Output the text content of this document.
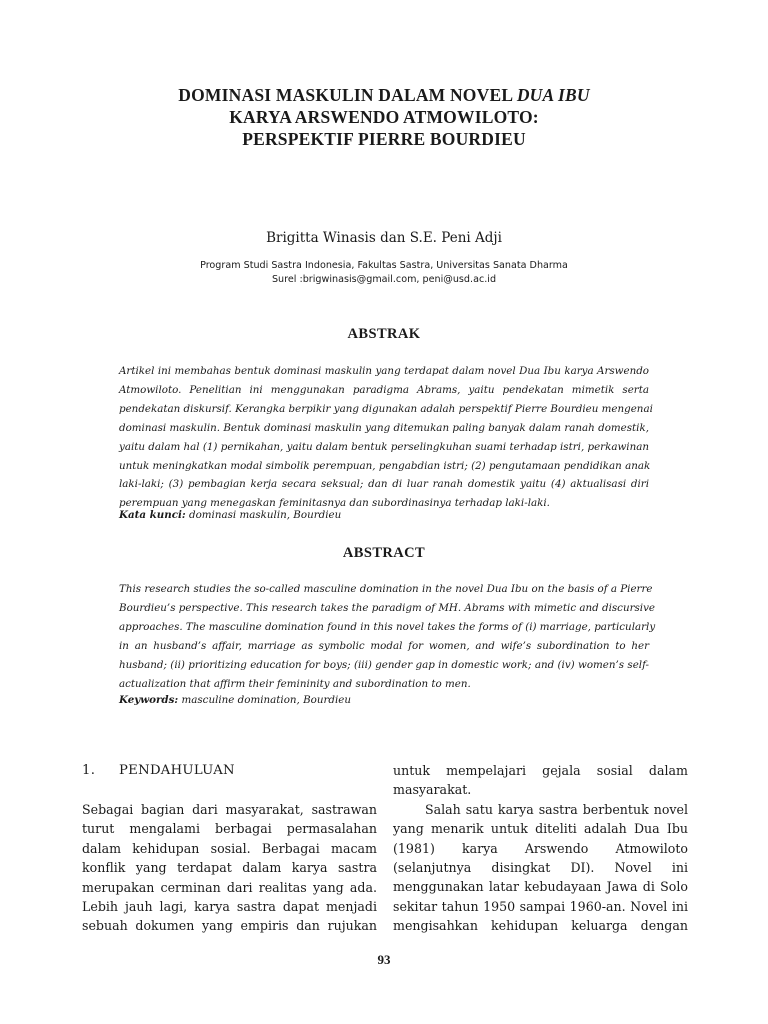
DOMINASI MASKULIN DALAM NOVEL DUA IBU
KARYA ARSWENDO ATMOWILOTO:
PERSPEKTIF PIERRE BOURDIEU
Brigitta Winasis dan S.E. Peni Adji
Program Studi Sastra Indonesia, Fakultas Sastra, Universitas Sanata Dharma
Surel :brigwinasis@gmail.com, peni@usd.ac.id
ABSTRAK
Artikel ini membahas bentuk dominasi maskulin yang terdapat dalam novel Dua Ibu karya Arswendo
Atmowiloto. Penelitian ini menggunakan paradigma Abrams, yaitu pendekatan mimetik serta
pendekatan diskursif. Kerangka berpikir yang digunakan adalah perspektif Pierre Bourdieu mengenai
dominasi maskulin. Bentuk dominasi maskulin yang ditemukan paling banyak dalam ranah domestik,
yaitu dalam hal (1) pernikahan, yaitu dalam bentuk perselingkuhan suami terhadap istri, perkawinan
untuk meningkatkan modal simbolik perempuan, pengabdian istri; (2) pengutamaan pendidikan anak
laki-laki; (3) pembagian kerja secara seksual; dan di luar ranah domestik yaitu (4) aktualisasi diri
perempuan yang menegaskan feminitasnya dan subordinasinya terhadap laki-laki.
Kata kunci: dominasi maskulin, Bourdieu
ABSTRACT
This research studies the so-called masculine domination in the novel Dua Ibu on the basis of a Pierre
Bourdieu’s perspective. This research takes the paradigm of MH. Abrams with mimetic and discursive
approaches. The masculine domination found in this novel takes the forms of (i) marriage, particularly
in an husband’s affair, marriage as symbolic modal for women, and wife’s subordination to her
husband; (ii) prioritizing education for boys; (iii) gender gap in domestic work; and (iv) women’s self-
actualization that affirm their femininity and subordination to men.
Keywords: masculine domination, Bourdieu
1. PENDAHULUAN
Sebagai bagian dari masyarakat, sastrawan
turut mengalami berbagai permasalahan
dalam kehidupan sosial. Berbagai macam
konflik yang terdapat dalam karya sastra
merupakan cerminan dari realitas yang ada.
Lebih jauh lagi, karya sastra dapat menjadi
sebuah dokumen yang empiris dan rujukan
untuk mempelajari gejala sosial dalam
masyarakat.
Salah satu karya sastra berbentuk novel
yang menarik untuk diteliti adalah Dua Ibu
(1981) karya Arswendo Atmowiloto
(selanjutnya disingkat DI). Novel ini
menggunakan latar kebudayaan Jawa di Solo
sekitar tahun 1950 sampai 1960-an. Novel ini
mengisahkan kehidupan keluarga dengan
93
